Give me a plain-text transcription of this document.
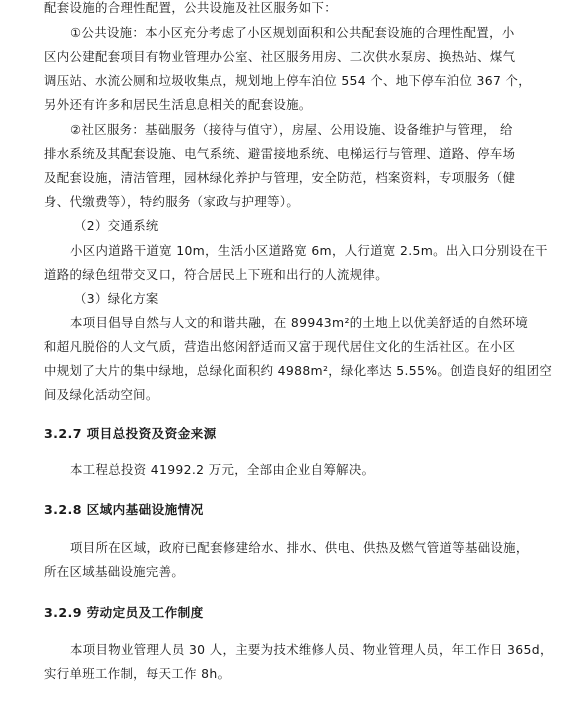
配套设施的合理性配置，公共设施及社区服务如下：
①公共设施：本小区充分考虑了小区规划面积和公共配套设施的合理性配置，小
区内公建配套项目有物业管理办公室、社区服务用房、二次供水泵房、换热站、煤气
调压站、水流公厕和垃圾收集点，规划地上停车泊位 554 个、地下停车泊位 367 个，
另外还有许多和居民生活息息相关的配套设施。
②社区服务：基础服务（接待与值守），房屋、公用设施、设备维护与管理， 给
排水系统及其配套设施、电气系统、避雷接地系统、电梯运行与管理、道路、停车场
及配套设施，清洁管理，园林绿化养护与管理，安全防范，档案资料，专项服务（健
身、代缴费等），特约服务（家政与护理等）。
（2）交通系统
小区内道路干道宽 10m，生活小区道路宽 6m，人行道宽 2.5m。出入口分别设在干
道路的绿色纽带交叉口，符合居民上下班和出行的人流规律。
（3）绿化方案
本项目倡导自然与人文的和谐共融，在 89943m²的土地上以优美舒适的自然环境
和超凡脱俗的人文气质，营造出悠闲舒适而又富于现代居住文化的生活社区。在小区
中规划了大片的集中绿地，总绿化面积约 4988m²，绿化率达 5.55%。创造良好的组团空
间及绿化活动空间。
3.2.7 项目总投资及资金来源
本工程总投资 41992.2 万元，全部由企业自筹解决。
3.2.8 区域内基础设施情况
项目所在区域，政府已配套修建给水、排水、供电、供热及燃气管道等基础设施，
所在区域基础设施完善。
3.2.9 劳动定员及工作制度
本项目物业管理人员 30 人，主要为技术维修人员、物业管理人员，年工作日 365d，
实行单班工作制，每天工作 8h。
